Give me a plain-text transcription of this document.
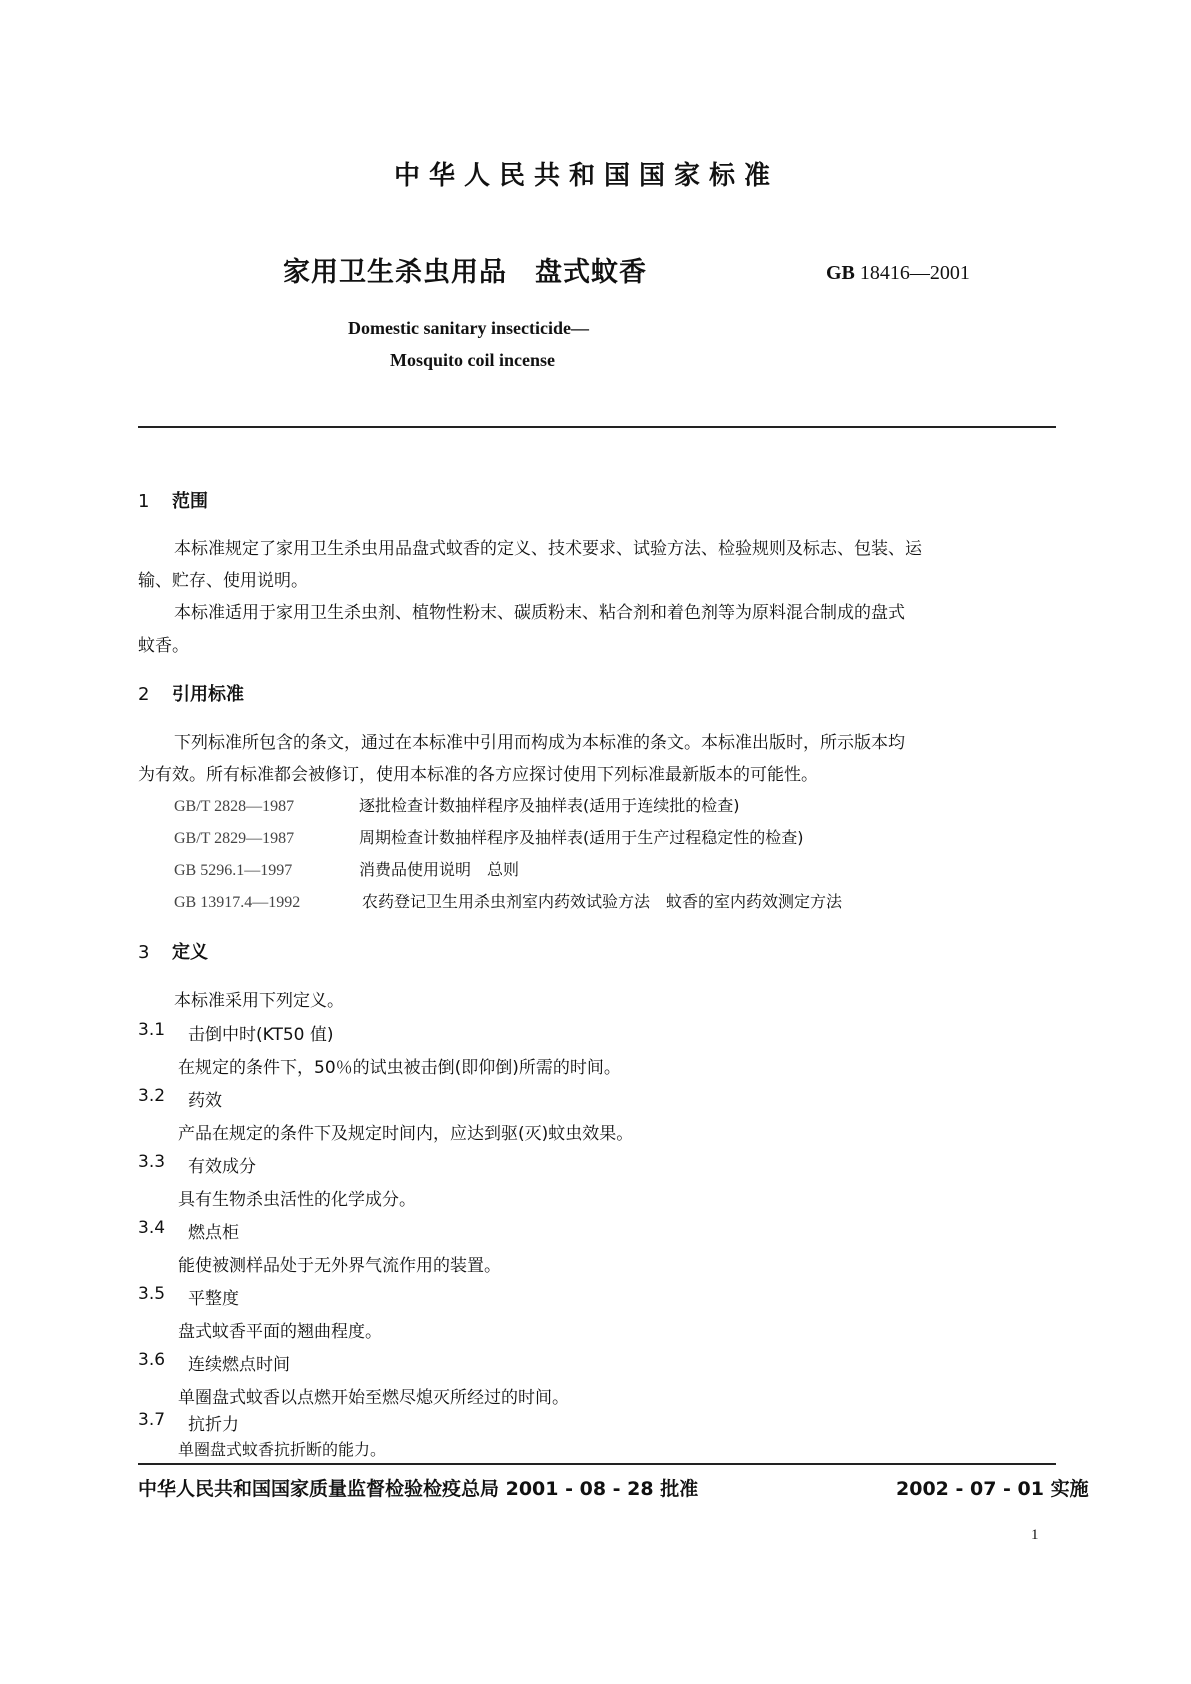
中华人民共和国国家标准
家用卫生杀虫用品　盘式蚊香	GB 18416—2001
Domestic sanitary insecticide—
Mosquito coil incense
1 范围
本标准规定了家用卫生杀虫用品盘式蚊香的定义、技术要求、试验方法、检验规则及标志、包装、运
输、贮存、使用说明。
本标准适用于家用卫生杀虫剂、植物性粉末、碳质粉末、粘合剂和着色剂等为原料混合制成的盘式
蚊香。
2 引用标准
下列标准所包含的条文，通过在本标准中引用而构成为本标准的条文。本标准出版时，所示版本均
为有效。所有标准都会被修订，使用本标准的各方应探讨使用下列标准最新版本的可能性。
GB/T 2828—1987	逐批检查计数抽样程序及抽样表(适用于连续批的检查)
GB/T 2829—1987	周期检查计数抽样程序及抽样表(适用于生产过程稳定性的检查)
GB 5296.1—1997	消费品使用说明　总则
GB 13917.4—1992	农药登记卫生用杀虫剂室内药效试验方法　蚊香的室内药效测定方法
3 定义
本标准采用下列定义。
3.1	击倒中时(KT50 值)
在规定的条件下，50％的试虫被击倒(即仰倒)所需的时间。
3.2	药效
产品在规定的条件下及规定时间内，应达到驱(灭)蚊虫效果。
3.3	有效成分
具有生物杀虫活性的化学成分。
3.4	燃点柜
能使被测样品处于无外界气流作用的装置。
3.5	平整度
盘式蚊香平面的翘曲程度。
3.6	连续燃点时间
单圈盘式蚊香以点燃开始至燃尽熄灭所经过的时间。
3.7	抗折力
单圈盘式蚊香抗折断的能力。
中华人民共和国国家质量监督检验检疫总局 2001 - 08 - 28 批准	2002 - 07 - 01 实施
1
